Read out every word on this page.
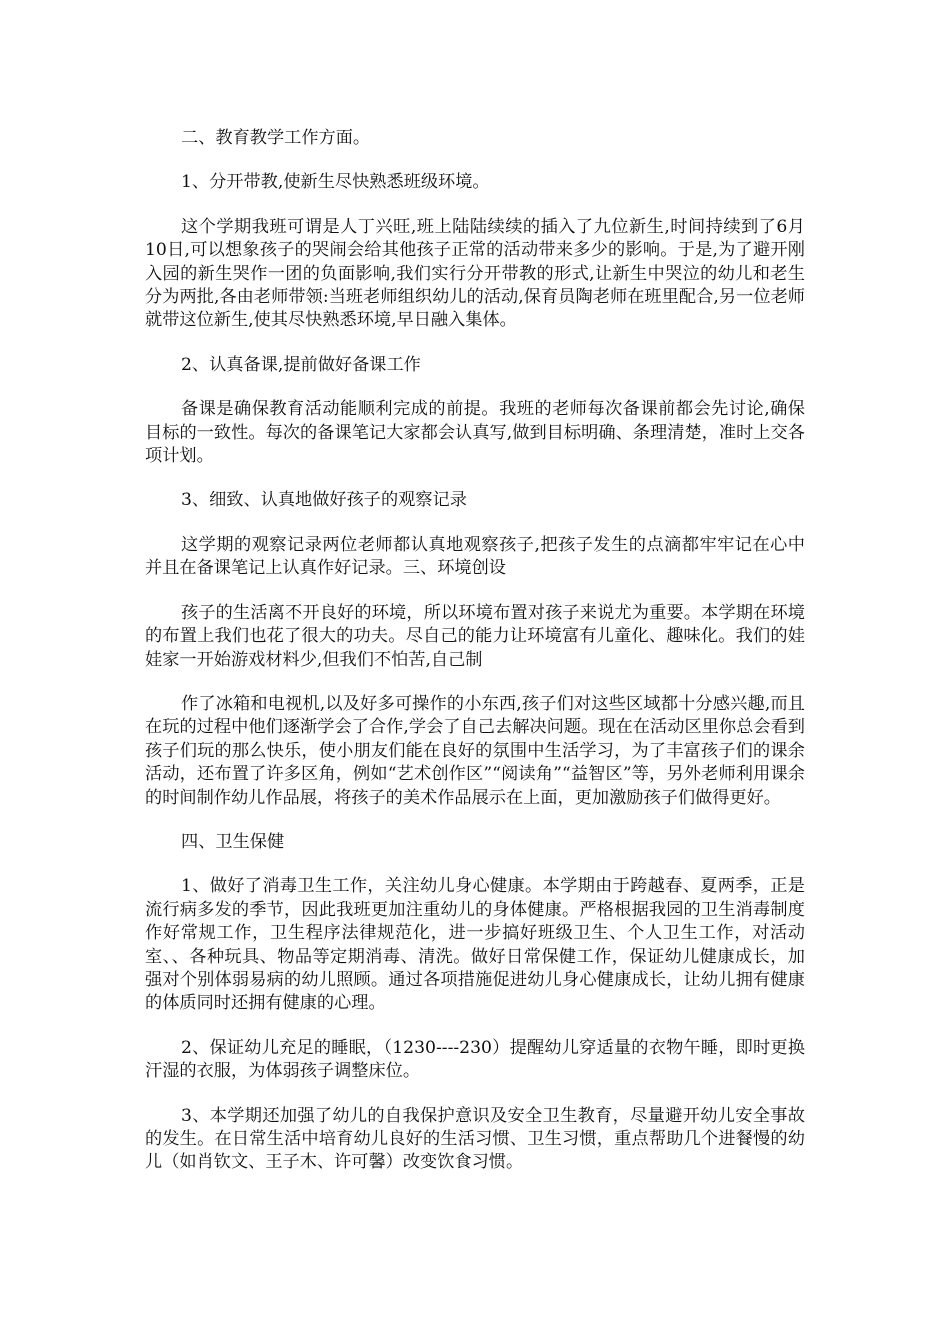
二、教育教学工作方面。

1、分开带教,使新生尽快熟悉班级环境。

这个学期我班可谓是人丁兴旺,班上陆陆续续的插入了九位新生,时间持续到了6月10日,可以想象孩子的哭闹会给其他孩子正常的活动带来多少的影响。于是,为了避开刚入园的新生哭作一团的负面影响,我们实行分开带教的形式,让新生中哭泣的幼儿和老生分为两批,各由老师带领:当班老师组织幼儿的活动,保育员陶老师在班里配合,另一位老师就带这位新生,使其尽快熟悉环境,早日融入集体。

2、认真备课,提前做好备课工作

备课是确保教育活动能顺利完成的前提。我班的老师每次备课前都会先讨论,确保目标的一致性。每次的备课笔记大家都会认真写,做到目标明确、条理清楚，准时上交各项计划。

3、细致、认真地做好孩子的观察记录

这学期的观察记录两位老师都认真地观察孩子,把孩子发生的点滴都牢牢记在心中并且在备课笔记上认真作好记录。三、环境创设

孩子的生活离不开良好的环境，所以环境布置对孩子来说尤为重要。本学期在环境的布置上我们也花了很大的功夫。尽自己的能力让环境富有儿童化、趣味化。我们的娃娃家一开始游戏材料少,但我们不怕苦,自己制

作了冰箱和电视机,以及好多可操作的小东西,孩子们对这些区域都十分感兴趣,而且在玩的过程中他们逐渐学会了合作,学会了自己去解决问题。现在在活动区里你总会看到孩子们玩的那么快乐，使小朋友们能在良好的氛围中生活学习，为了丰富孩子们的课余活动，还布置了许多区角，例如“艺术创作区”“阅读角”“益智区”等，另外老师利用课余的时间制作幼儿作品展，将孩子的美术作品展示在上面，更加激励孩子们做得更好。

四、卫生保健

1、做好了消毒卫生工作，关注幼儿身心健康。本学期由于跨越春、夏两季，正是流行病多发的季节，因此我班更加注重幼儿的身体健康。严格根据我园的卫生消毒制度作好常规工作，卫生程序法律规范化，进一步搞好班级卫生、个人卫生工作，对活动室、、各种玩具、物品等定期消毒、清洗。做好日常保健工作，保证幼儿健康成长，加强对个别体弱易病的幼儿照顾。通过各项措施促进幼儿身心健康成长，让幼儿拥有健康的体质同时还拥有健康的心理。

2、保证幼儿充足的睡眠，（1230----230）提醒幼儿穿适量的衣物午睡，即时更换汗湿的衣服，为体弱孩子调整床位。

3、本学期还加强了幼儿的自我保护意识及安全卫生教育，尽量避开幼儿安全事故的发生。在日常生活中培育幼儿良好的生活习惯、卫生习惯，重点帮助几个进餐慢的幼儿（如肖钦文、王子木、许可馨）改变饮食习惯。
